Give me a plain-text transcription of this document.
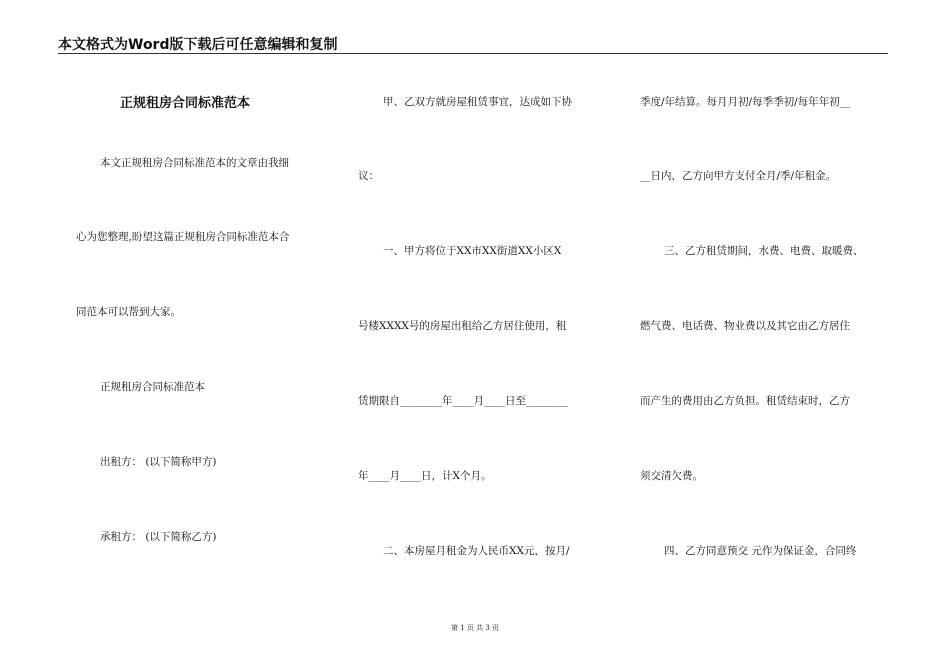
本文格式为Word版下载后可任意编辑和复制
正规租房合同标准范本
本文正规租房合同标准范本的文章由我细
心为您整理,盼望这篇正规租房合同标准范本合
同范本可以帮到大家。
正规租房合同标准范本
出租方： (以下简称甲方)
承租方： (以下简称乙方)
甲、乙双方就房屋租赁事宜，达成如下协
议：
一、甲方将位于XX市XX街道XX小区X
号楼XXXX号的房屋出租给乙方居住使用，租
赁期限自________年____月____日至________
年____月____日，计X个月。
二、本房屋月租金为人民币XX元，按月/
季度/年结算。每月月初/每季季初/每年年初__
__日内，乙方向甲方支付全月/季/年租金。
三、乙方租赁期间，水费、电费、取暖费、
燃气费、电话费、物业费以及其它由乙方居住
而产生的费用由乙方负担。租赁结束时，乙方
须交清欠费。
四、乙方同意预交 元作为保证金，合同终
第 1 页 共 3 页
